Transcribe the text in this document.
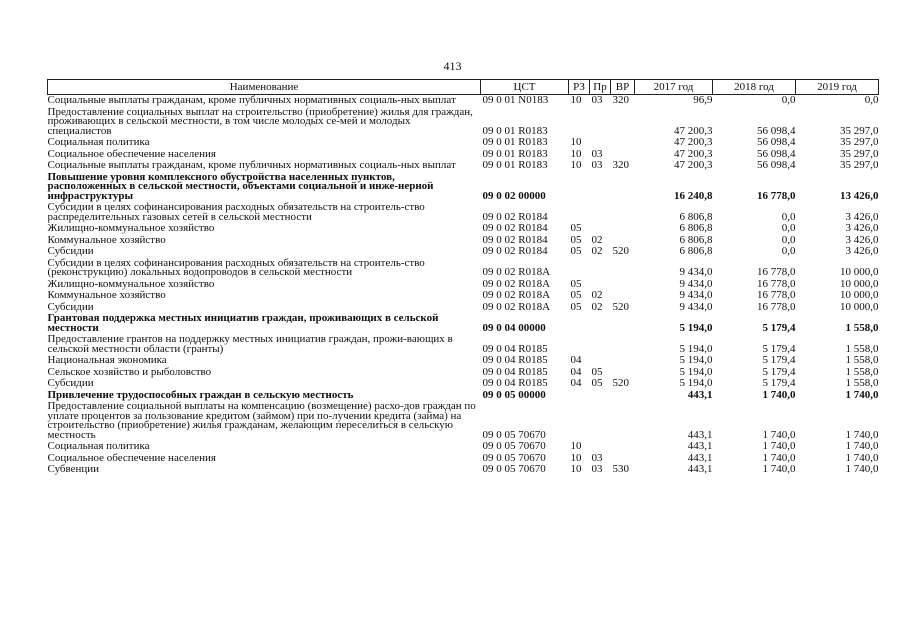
413
Наименование	ЦСТ	РЗ	Пр	ВР	2017 год	2018 год	2019 год
Социальные выплаты гражданам, кроме публичных нормативных социаль-ных выплат	09 0 01 N0183	10	03	320	96,9	0,0	0,0
Предоставление социальных выплат на строительство (приобретение) жилья для граждан, проживающих в сельской местности, в том числе молодых се-мей и молодых специалистов	09 0 01 R0183				47 200,3	56 098,4	35 297,0
Социальная политика	09 0 01 R0183	10			47 200,3	56 098,4	35 297,0
Социальное обеспечение населения	09 0 01 R0183	10	03		47 200,3	56 098,4	35 297,0
Социальные выплаты гражданам, кроме публичных нормативных социаль-ных выплат	09 0 01 R0183	10	03	320	47 200,3	56 098,4	35 297,0
Повышение уровня комплексного обустройства населенных пунктов, расположенных в сельской местности, объектами социальной и инже-нерной инфраструктуры	09 0 02 00000				16 240,8	16 778,0	13 426,0
Субсидии в целях софинансирования расходных обязательств на строитель-ство распределительных газовых сетей в сельской местности	09 0 02 R0184				6 806,8	0,0	3 426,0
Жилищно-коммунальное хозяйство	09 0 02 R0184	05			6 806,8	0,0	3 426,0
Коммунальное хозяйство	09 0 02 R0184	05	02		6 806,8	0,0	3 426,0
Субсидии	09 0 02 R0184	05	02	520	6 806,8	0,0	3 426,0
Субсидии в целях софинансирования расходных обязательств на строитель-ство (реконструкцию) локальных водопроводов в сельской местности	09 0 02 R018A				9 434,0	16 778,0	10 000,0
Жилищно-коммунальное хозяйство	09 0 02 R018A	05			9 434,0	16 778,0	10 000,0
Коммунальное хозяйство	09 0 02 R018A	05	02		9 434,0	16 778,0	10 000,0
Субсидии	09 0 02 R018A	05	02	520	9 434,0	16 778,0	10 000,0
Грантовая поддержка местных инициатив граждан, проживающих в сельской местности	09 0 04 00000				5 194,0	5 179,4	1 558,0
Предоставление грантов на поддержку местных инициатив граждан, прожи-вающих в сельской местности области (гранты)	09 0 04 R0185				5 194,0	5 179,4	1 558,0
Национальная экономика	09 0 04 R0185	04			5 194,0	5 179,4	1 558,0
Сельское хозяйство и рыболовство	09 0 04 R0185	04	05		5 194,0	5 179,4	1 558,0
Субсидии	09 0 04 R0185	04	05	520	5 194,0	5 179,4	1 558,0
Привлечение трудоспособных граждан в сельскую местность	09 0 05 00000				443,1	1 740,0	1 740,0
Предоставление социальной выплаты на компенсацию (возмещение) расхо-дов граждан по уплате процентов за пользование кредитом (займом) при по-лучении кредита (займа) на строительство (приобретение) жилья гражданам, желающим переселиться в сельскую местность	09 0 05 70670				443,1	1 740,0	1 740,0
Социальная политика	09 0 05 70670	10			443,1	1 740,0	1 740,0
Социальное обеспечение населения	09 0 05 70670	10	03		443,1	1 740,0	1 740,0
Субвенции	09 0 05 70670	10	03	530	443,1	1 740,0	1 740,0
